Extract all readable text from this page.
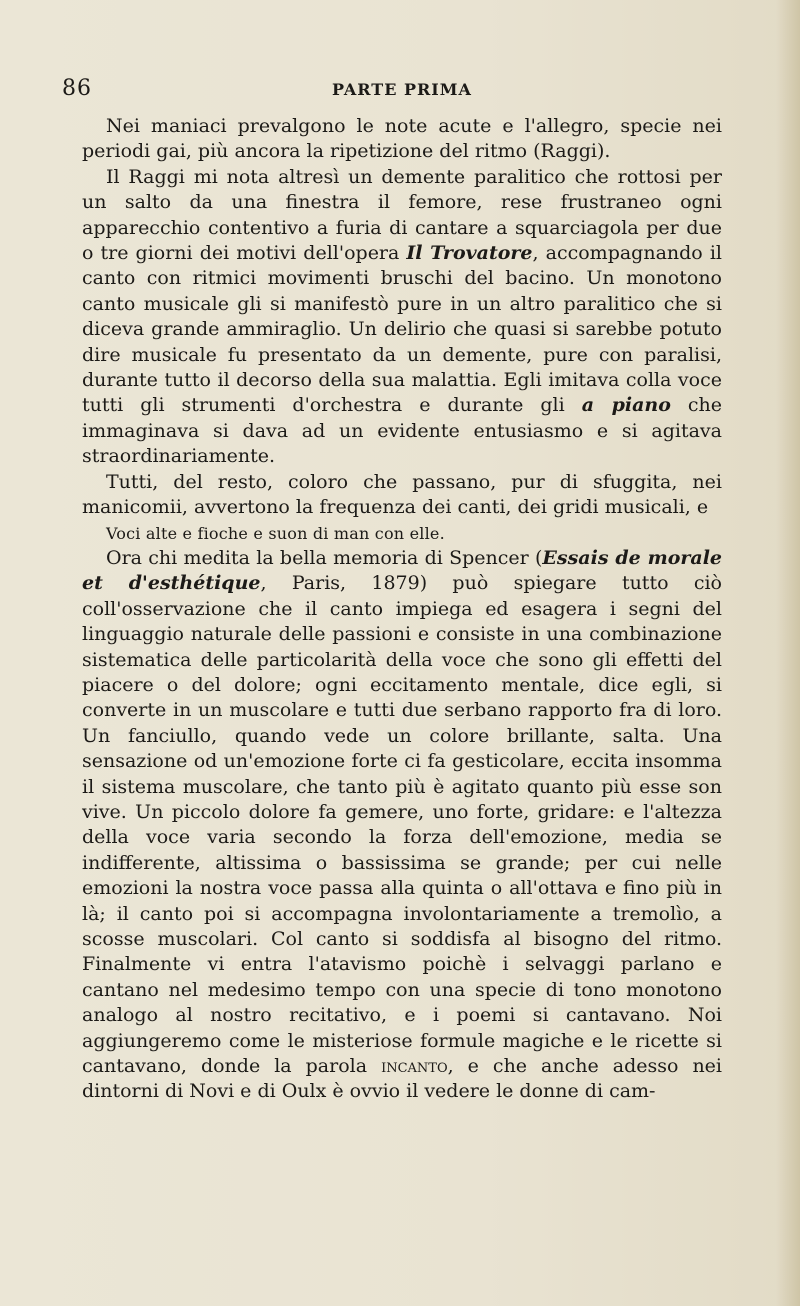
86	PARTE PRIMA

Nei maniaci prevalgono le note acute e l'allegro, specie nei periodi gai, più ancora la ripetizione del ritmo (Raggi).

Il Raggi mi nota altresì un demente paralitico che rottosi per un salto da una finestra il femore, rese frustraneo ogni apparecchio contentivo a furia di cantare a squarciagola per due o tre giorni dei motivi dell'opera Il Trovatore, accompagnando il canto con ritmici movimenti bruschi del bacino. Un monotono canto musicale gli si manifestò pure in un altro paralitico che si diceva grande ammiraglio. Un delirio che quasi si sarebbe potuto dire musicale fu presentato da un demente, pure con paralisi, durante tutto il decorso della sua malattia. Egli imitava colla voce tutti gli strumenti d'orchestra e durante gli a piano che immaginava si dava ad un evidente entusiasmo e si agitava straordinariamente.

Tutti, del resto, coloro che passano, pur di sfuggita, nei manicomii, avvertono la frequenza dei canti, dei gridi musicali, e

Voci alte e fioche e suon di man con elle.

Ora chi medita la bella memoria di Spencer (Essais de morale et d'esthétique, Paris, 1879) può spiegare tutto ciò coll'osservazione che il canto impiega ed esagera i segni del linguaggio naturale delle passioni e consiste in una combinazione sistematica delle particolarità della voce che sono gli effetti del piacere o del dolore; ogni eccitamento mentale, dice egli, si converte in un muscolare e tutti due serbano rapporto fra di loro. Un fanciullo, quando vede un colore brillante, salta. Una sensazione od un'emozione forte ci fa gesticolare, eccita insomma il sistema muscolare, che tanto più è agitato quanto più esse son vive. Un piccolo dolore fa gemere, uno forte, gridare: e l'altezza della voce varia secondo la forza dell'emozione, media se indifferente, altissima o bassissima se grande; per cui nelle emozioni la nostra voce passa alla quinta o all'ottava e fino più in là; il canto poi si accompagna involontariamente a tremolìo, a scosse muscolari. Col canto si soddisfa al bisogno del ritmo. Finalmente vi entra l'atavismo poichè i selvaggi parlano e cantano nel medesimo tempo con una specie di tono monotono analogo al nostro recitativo, e i poemi si cantavano. Noi aggiungeremo come le misteriose formule magiche e le ricette si cantavano, donde la parola incanto, e che anche adesso nei dintorni di Novi e di Oulx è ovvio il vedere le donne di cam-
